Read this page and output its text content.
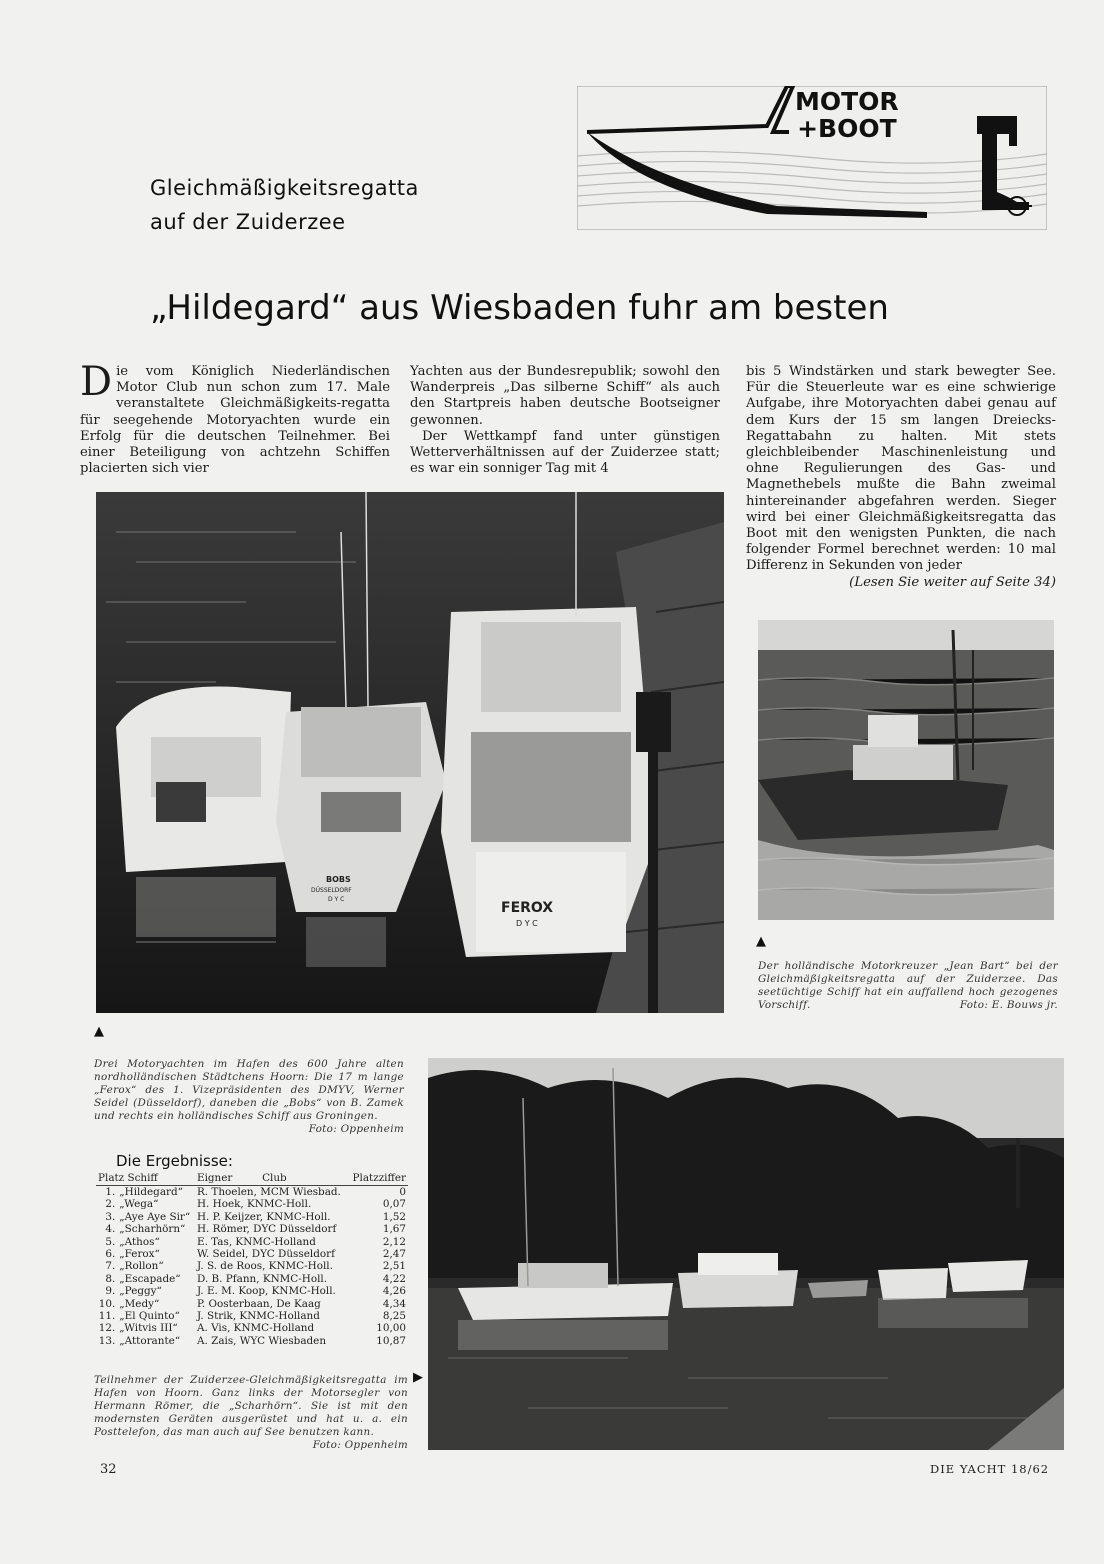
MOTOR
+BOOT
Gleichmäßigkeitsregatta
auf der Zuiderzee
„Hildegard“ aus Wiesbaden fuhr am besten

Die vom Königlich Niederländischen Motor Club nun schon zum 17. Male veranstaltete Gleichmäßigkeits-regatta für seegehende Motoryachten wurde ein Erfolg für die deutschen Teilnehmer. Bei einer Beteiligung von achtzehn Schiffen placierten sich vier

Yachten aus der Bundesrepublik; sowohl den Wanderpreis „Das silberne Schiff“ als auch den Startpreis haben deutsche Bootseigner gewonnen.

Der Wettkampf fand unter günstigen Wetterverhältnissen auf der Zuiderzee statt; es war ein sonniger Tag mit 4

bis 5 Windstärken und stark bewegter See. Für die Steuerleute war es eine schwierige Aufgabe, ihre Motoryachten dabei genau auf dem Kurs der 15 sm langen Dreiecks-Regattabahn zu halten. Mit stets gleichbleibender Maschinenleistung und ohne Regulierungen des Gas- und Magnethebels mußte die Bahn zweimal hintereinander abgefahren werden. Sieger wird bei einer Gleichmäßigkeitsregatta das Boot mit den wenigsten Punkten, die nach folgender Formel berechnet werden: 10 mal Differenz in Sekunden von jeder

(Lesen Sie weiter auf Seite 34)
FEROX
D Y C
BOBS
DÜSSELDORF
D Y C
▲
▲
▶
Der holländische Motorkreuzer „Jean Bart“ bei der Gleichmäßigkeitsregatta auf der Zuiderzee. Das seetüchtige Schiff hat ein auffallend hoch gezogenes Vorschiff.	Foto: E. Bouws jr.
Drei Motoryachten im Hafen des 600 Jahre alten nordholländischen Städtchens Hoorn: Die 17 m lange „Ferox“ des 1. Vizepräsidenten des DMYV, Werner Seidel (Düsseldorf), daneben die „Bobs“ von B. Zamek und rechts ein holländisches Schiff aus Groningen.
Foto: Oppenheim
Die Ergebnisse:
Platz Schiff		Eigner Club	Platzziffer
1.	„Hildegard“	R. Thoelen, MCM Wiesbad.	0
2.	„Wega“	H. Hoek, KNMC-Holl.	0,07
3.	„Aye Aye Sir“	H. P. Keijzer, KNMC-Holl.	1,52
4.	„Scharhörn“	H. Römer, DYC Düsseldorf	1,67
5.	„Athos“	E. Tas, KNMC-Holland	2,12
6.	„Ferox“	W. Seidel, DYC Düsseldorf	2,47
7.	„Rollon“	J. S. de Roos, KNMC-Holl.	2,51
8.	„Escapade“	D. B. Pfann, KNMC-Holl.	4,22
9.	„Peggy“	J. E. M. Koop, KNMC-Holl.	4,26
10.	„Medy“	P. Oosterbaan, De Kaag	4,34
11.	„El Quinto“	J. Strik, KNMC-Holland	8,25
12.	„Witvis III“	A. Vis, KNMC-Holland	10,00
13.	„Attorante“	A. Zais, WYC Wiesbaden	10,87
Teilnehmer der Zuiderzee-Gleichmäßigkeitsregatta im Hafen von Hoorn. Ganz links der Motorsegler von Hermann Römer, die „Scharhörn“. Sie ist mit den modernsten Geräten ausgerüstet und hat u. a. ein Posttelefon, das man auch auf See benutzen kann.
Foto: Oppenheim
32	DIE YACHT 18/62
